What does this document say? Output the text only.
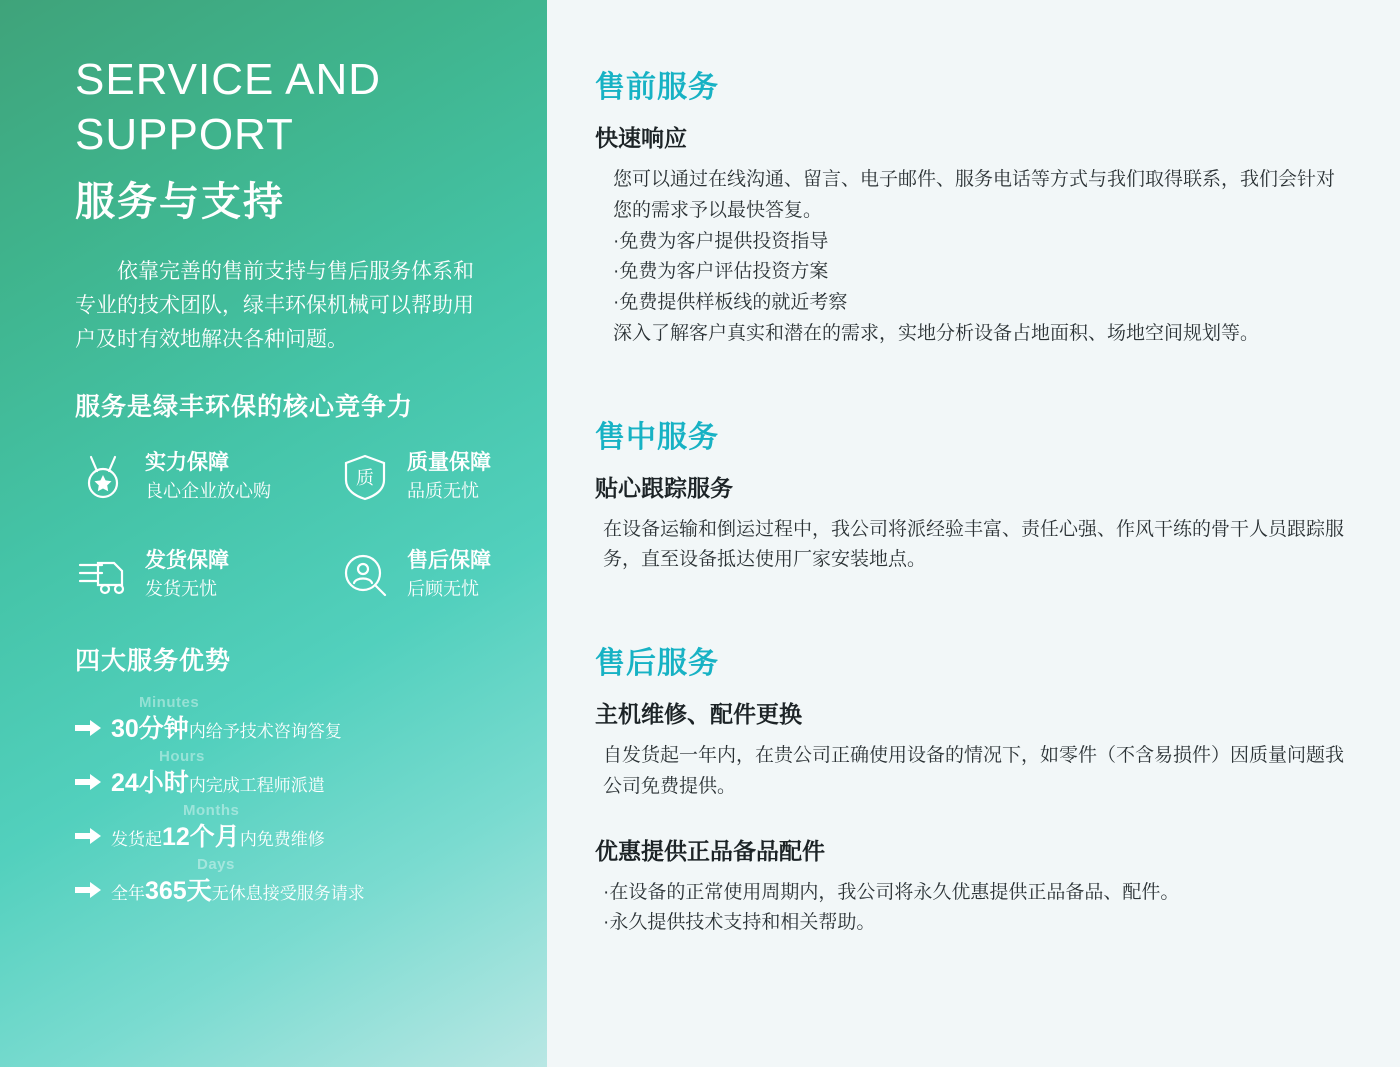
SERVICE AND
SUPPORT
服务与支持

依靠完善的售前支持与售后服务体系和专业的技术团队，绿丰环保机械可以帮助用户及时有效地解决各种问题。

服务是绿丰环保的核心竞争力
实力保障
良心企业放心购
质
质量保障
品质无忧
发货保障
发货无忧
售后保障
后顾无忧
四大服务优势
Minutes
30分钟内给予技术咨询答复
Hours
24小时内完成工程师派遣
Months
发货起12个月内免费维修
Days
全年365天无休息接受服务请求
售前服务
快速响应

您可以通过在线沟通、留言、电子邮件、服务电话等方式与我们取得联系，我们会针对您的需求予以最快答复。

·免费为客户提供投资指导

·免费为客户评估投资方案

·免费提供样板线的就近考察

深入了解客户真实和潜在的需求，实地分析设备占地面积、场地空间规划等。

售中服务
贴心跟踪服务

在设备运输和倒运过程中，我公司将派经验丰富、责任心强、作风干练的骨干人员跟踪服务，直至设备抵达使用厂家安装地点。

售后服务
主机维修、配件更换

自发货起一年内，在贵公司正确使用设备的情况下，如零件（不含易损件）因质量问题我公司免费提供。

优惠提供正品备品配件

·在设备的正常使用周期内，我公司将永久优惠提供正品备品、配件。

·永久提供技术支持和相关帮助。
